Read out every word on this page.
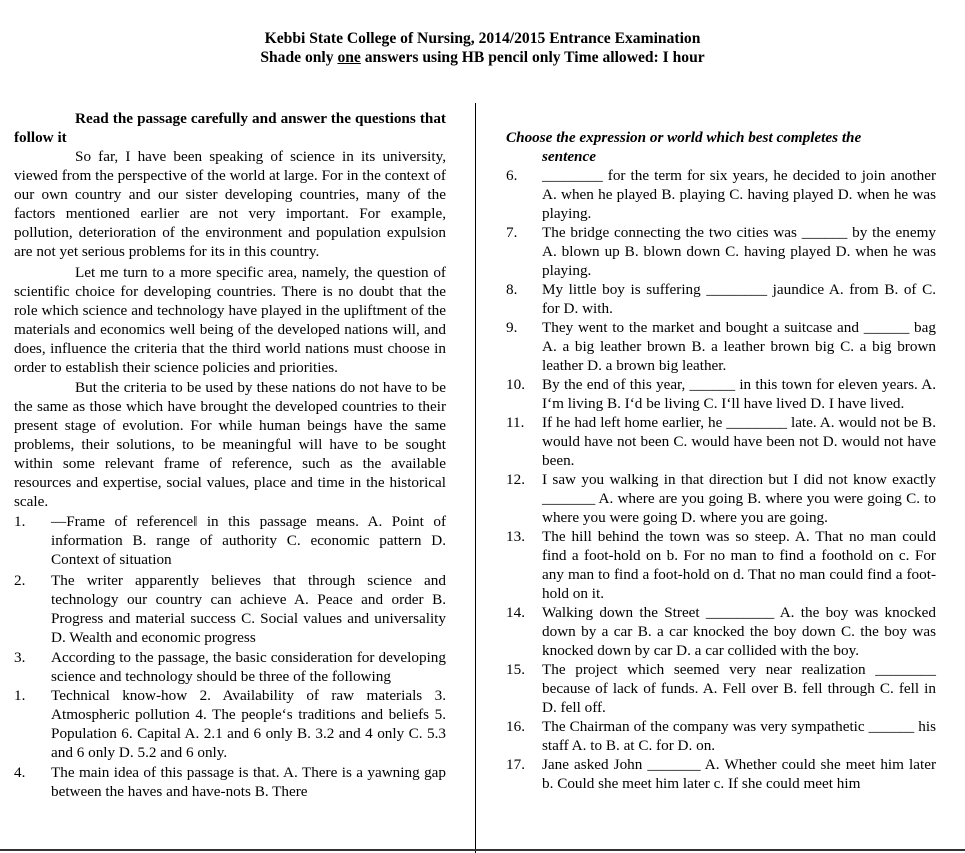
Kebbi State College of Nursing, 2014/2015 Entrance Examination
Shade only one answers using HB pencil only Time allowed: I hour

Read the passage carefully and answer the questions that follow it

So far, I have been speaking of science in its university, viewed from the perspective of the world at large. For in the context of our own country and our sister developing countries, many of the factors mentioned earlier are not very important. For example, pollution, deterioration of the environment and population expulsion are not yet serious problems for its in this country.

Let me turn to a more specific area, namely, the question of scientific choice for developing countries. There is no doubt that the role which science and technology have played in the upliftment of the materials and economics well being of the developed nations will, and does, influence the criteria that the third world nations must choose in order to establish their science policies and priorities.

But the criteria to be used by these nations do not have to be the same as those which have brought the developed countries to their present stage of evolution. For while human beings have the same problems, their solutions, to be meaningful will have to be sought within some relevant frame of reference, such as the available resources and expertise, social values, place and time in the historical scale.

1. ―Frame of reference‖ in this passage means. A. Point of information B. range of authority C. economic pattern D. Context of situation
2. The writer apparently believes that through science and technology our country can achieve A. Peace and order B. Progress and material success C. Social values and universality D. Wealth and economic progress
3. According to the passage, the basic consideration for developing science and technology should be three of the following
1. Technical know-how 2. Availability of raw materials 3. Atmospheric pollution 4. The people‘s traditions and beliefs 5. Population 6. Capital A. 2.1 and 6 only B. 3.2 and 4 only C. 5.3 and 6 only D. 5.2 and 6 only.
4. The main idea of this passage is that. A. There is a yawning gap between the haves and have-nots B. There

Choose the expression or world which best completes the

sentence
6. ________ for the term for six years, he decided to join another A. when he played B. playing C. having played D. when he was playing.
7. The bridge connecting the two cities was ______ by the enemy A. blown up B. blown down C. having played D. when he was playing.
8. My little boy is suffering ________ jaundice A. from B. of C. for D. with.
9. They went to the market and bought a suitcase and ______ bag A. a big leather brown B. a leather brown big C. a big brown leather D. a brown big leather.
10. By the end of this year, ______ in this town for eleven years. A. I‘m living B. I‘d be living C. I‘ll have lived D. I have lived.
11. If he had left home earlier, he ________ late. A. would not be B. would have not been C. would have been not D. would not have been.
12. I saw you walking in that direction but I did not know exactly _______ A. where are you going B. where you were going C. to where you were going D. where you are going.
13. The hill behind the town was so steep. A. That no man could find a foot-hold on b. For no man to find a foothold on c. For any man to find a foot-hold on d. That no man could find a foot-hold on it.
14. Walking down the Street _________ A. the boy was knocked down by a car B. a car knocked the boy down C. the boy was knocked down by car D. a car collided with the boy.
15. The project which seemed very near realization ________ because of lack of funds. A. Fell over B. fell through C. fell in D. fell off.
16. The Chairman of the company was very sympathetic ______ his staff A. to B. at C. for D. on.
17. Jane asked John _______ A. Whether could she meet him later b. Could she meet him later c. If she could meet him
